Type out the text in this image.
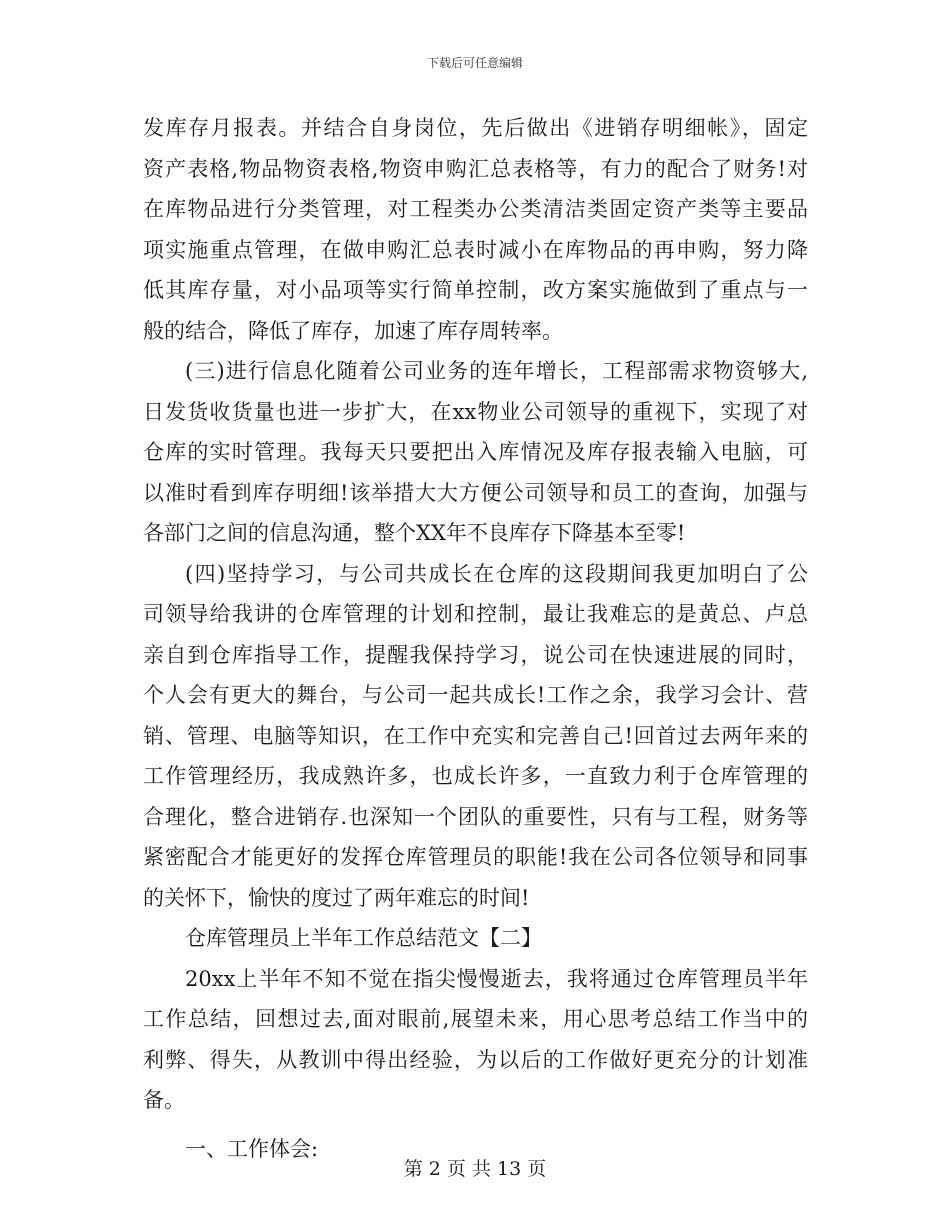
下载后可任意编辑
发库存月报表。并结合自身岗位，先后做出《进销存明细帐》，固定
资产表格,物品物资表格,物资申购汇总表格等，有力的配合了财务!对
在库物品进行分类管理，对工程类办公类清洁类固定资产类等主要品
项实施重点管理，在做申购汇总表时减小在库物品的再申购，努力降
低其库存量，对小品项等实行简单控制，改方案实施做到了重点与一
般的结合，降低了库存，加速了库存周转率。
(三)进行信息化随着公司业务的连年增长，工程部需求物资够大,
日发货收货量也进一步扩大，在xx物业公司领导的重视下，实现了对
仓库的实时管理。我每天只要把出入库情况及库存报表输入电脑，可
以准时看到库存明细!该举措大大方便公司领导和员工的查询，加强与
各部门之间的信息沟通，整个XX年不良库存下降基本至零!
(四)坚持学习，与公司共成长在仓库的这段期间我更加明白了公
司领导给我讲的仓库管理的计划和控制，最让我难忘的是黄总、卢总
亲自到仓库指导工作，提醒我保持学习，说公司在快速进展的同时，
个人会有更大的舞台，与公司一起共成长!工作之余，我学习会计、营
销、管理、电脑等知识，在工作中充实和完善自己!回首过去两年来的
工作管理经历，我成熟许多，也成长许多，一直致力利于仓库管理的
合理化，整合进销存.也深知一个团队的重要性，只有与工程，财务等
紧密配合才能更好的发挥仓库管理员的职能!我在公司各位领导和同事
的关怀下，愉快的度过了两年难忘的时间!
仓库管理员上半年工作总结范文【二】
20xx上半年不知不觉在指尖慢慢逝去，我将通过仓库管理员半年
工作总结，回想过去,面对眼前,展望未来，用心思考总结工作当中的
利弊、得失，从教训中得出经验，为以后的工作做好更充分的计划准
备。
一、工作体会:
第 2 页 共 13 页
